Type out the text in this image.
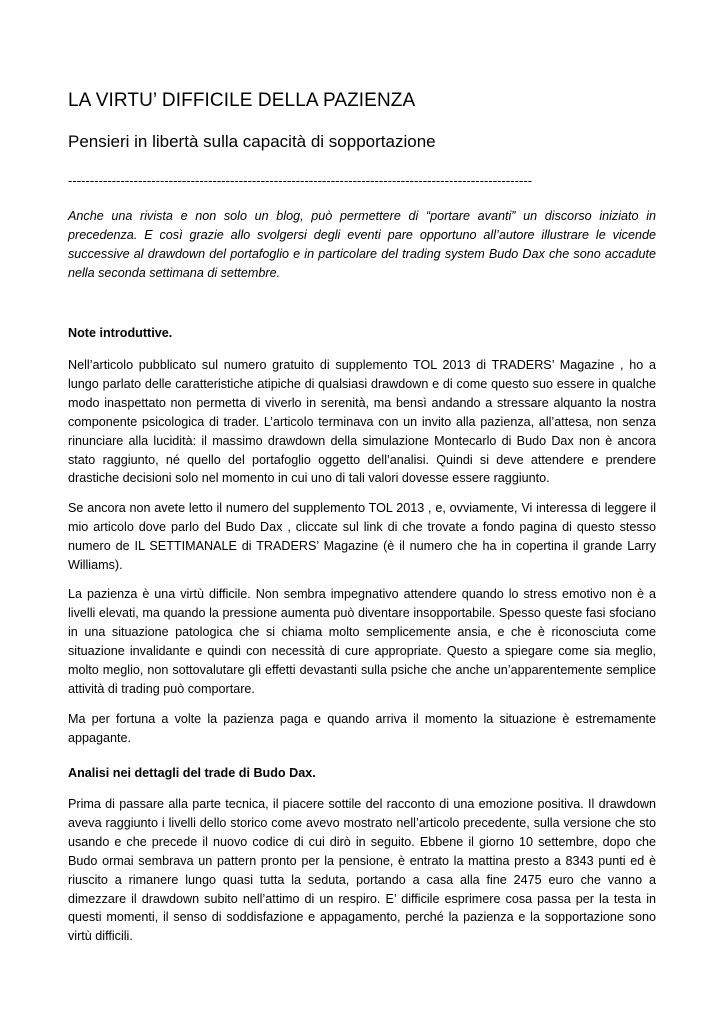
LA VIRTU’ DIFFICILE DELLA PAZIENZA
Pensieri in libertà sulla capacità di sopportazione
----------------------------------------------------------------------------------------------------------

Anche una rivista e non solo un blog, può permettere di “portare avanti” un discorso iniziato in precedenza. E così grazie allo svolgersi degli eventi pare opportuno all’autore illustrare le vicende successive al drawdown del portafoglio e in particolare del trading system Budo Dax che sono accadute nella seconda settimana di settembre.

Note introduttive.

Nell’articolo pubblicato sul numero gratuito di supplemento TOL 2013 di TRADERS’ Magazine , ho a lungo parlato delle caratteristiche atipiche di qualsiasi drawdown e di come questo suo essere in qualche modo inaspettato non permetta di viverlo in serenità, ma bensì andando a stressare alquanto la nostra componente psicologica di trader. L’articolo terminava con un invito alla pazienza, all’attesa, non senza rinunciare alla lucidità: il massimo drawdown della simulazione Montecarlo di Budo Dax non è ancora stato raggiunto, né quello del portafoglio oggetto dell’analisi. Quindi si deve attendere e prendere drastiche decisioni solo nel momento in cui uno di tali valori dovesse essere raggiunto.

Se ancora non avete letto il numero del supplemento TOL 2013 , e, ovviamente, Vi interessa di leggere il mio articolo dove parlo del Budo Dax , cliccate sul link di che trovate a fondo pagina di questo stesso numero de IL SETTIMANALE di TRADERS’ Magazine (è il numero che ha in copertina il grande Larry Williams).

La pazienza è una virtù difficile. Non sembra impegnativo attendere quando lo stress emotivo non è a livelli elevati, ma quando la pressione aumenta può diventare insopportabile. Spesso queste fasi sfociano in una situazione patologica che si chiama molto semplicemente ansia, e che è riconosciuta come situazione invalidante e quindi con necessità di cure appropriate. Questo a spiegare come sia meglio, molto meglio, non sottovalutare gli effetti devastanti sulla psiche che anche un’apparentemente semplice attività di trading può comportare.

Ma per fortuna a volte la pazienza paga e quando arriva il momento la situazione è estremamente appagante.

Analisi nei dettagli del trade di Budo Dax.

Prima di passare alla parte tecnica, il piacere sottile del racconto di una emozione positiva. Il drawdown aveva raggiunto i livelli dello storico come avevo mostrato nell’articolo precedente, sulla versione che sto usando e che precede il nuovo codice di cui dirò in seguito. Ebbene il giorno 10 settembre, dopo che Budo ormai sembrava un pattern pronto per la pensione, è entrato la mattina presto a 8343 punti ed è riuscito a rimanere lungo quasi tutta la seduta, portando a casa alla fine 2475 euro che vanno a dimezzare il drawdown subito nell’attimo di un respiro. E’ difficile esprimere cosa passa per la testa in questi momenti, il senso di soddisfazione e appagamento, perché la pazienza e la sopportazione sono virtù difficili.
